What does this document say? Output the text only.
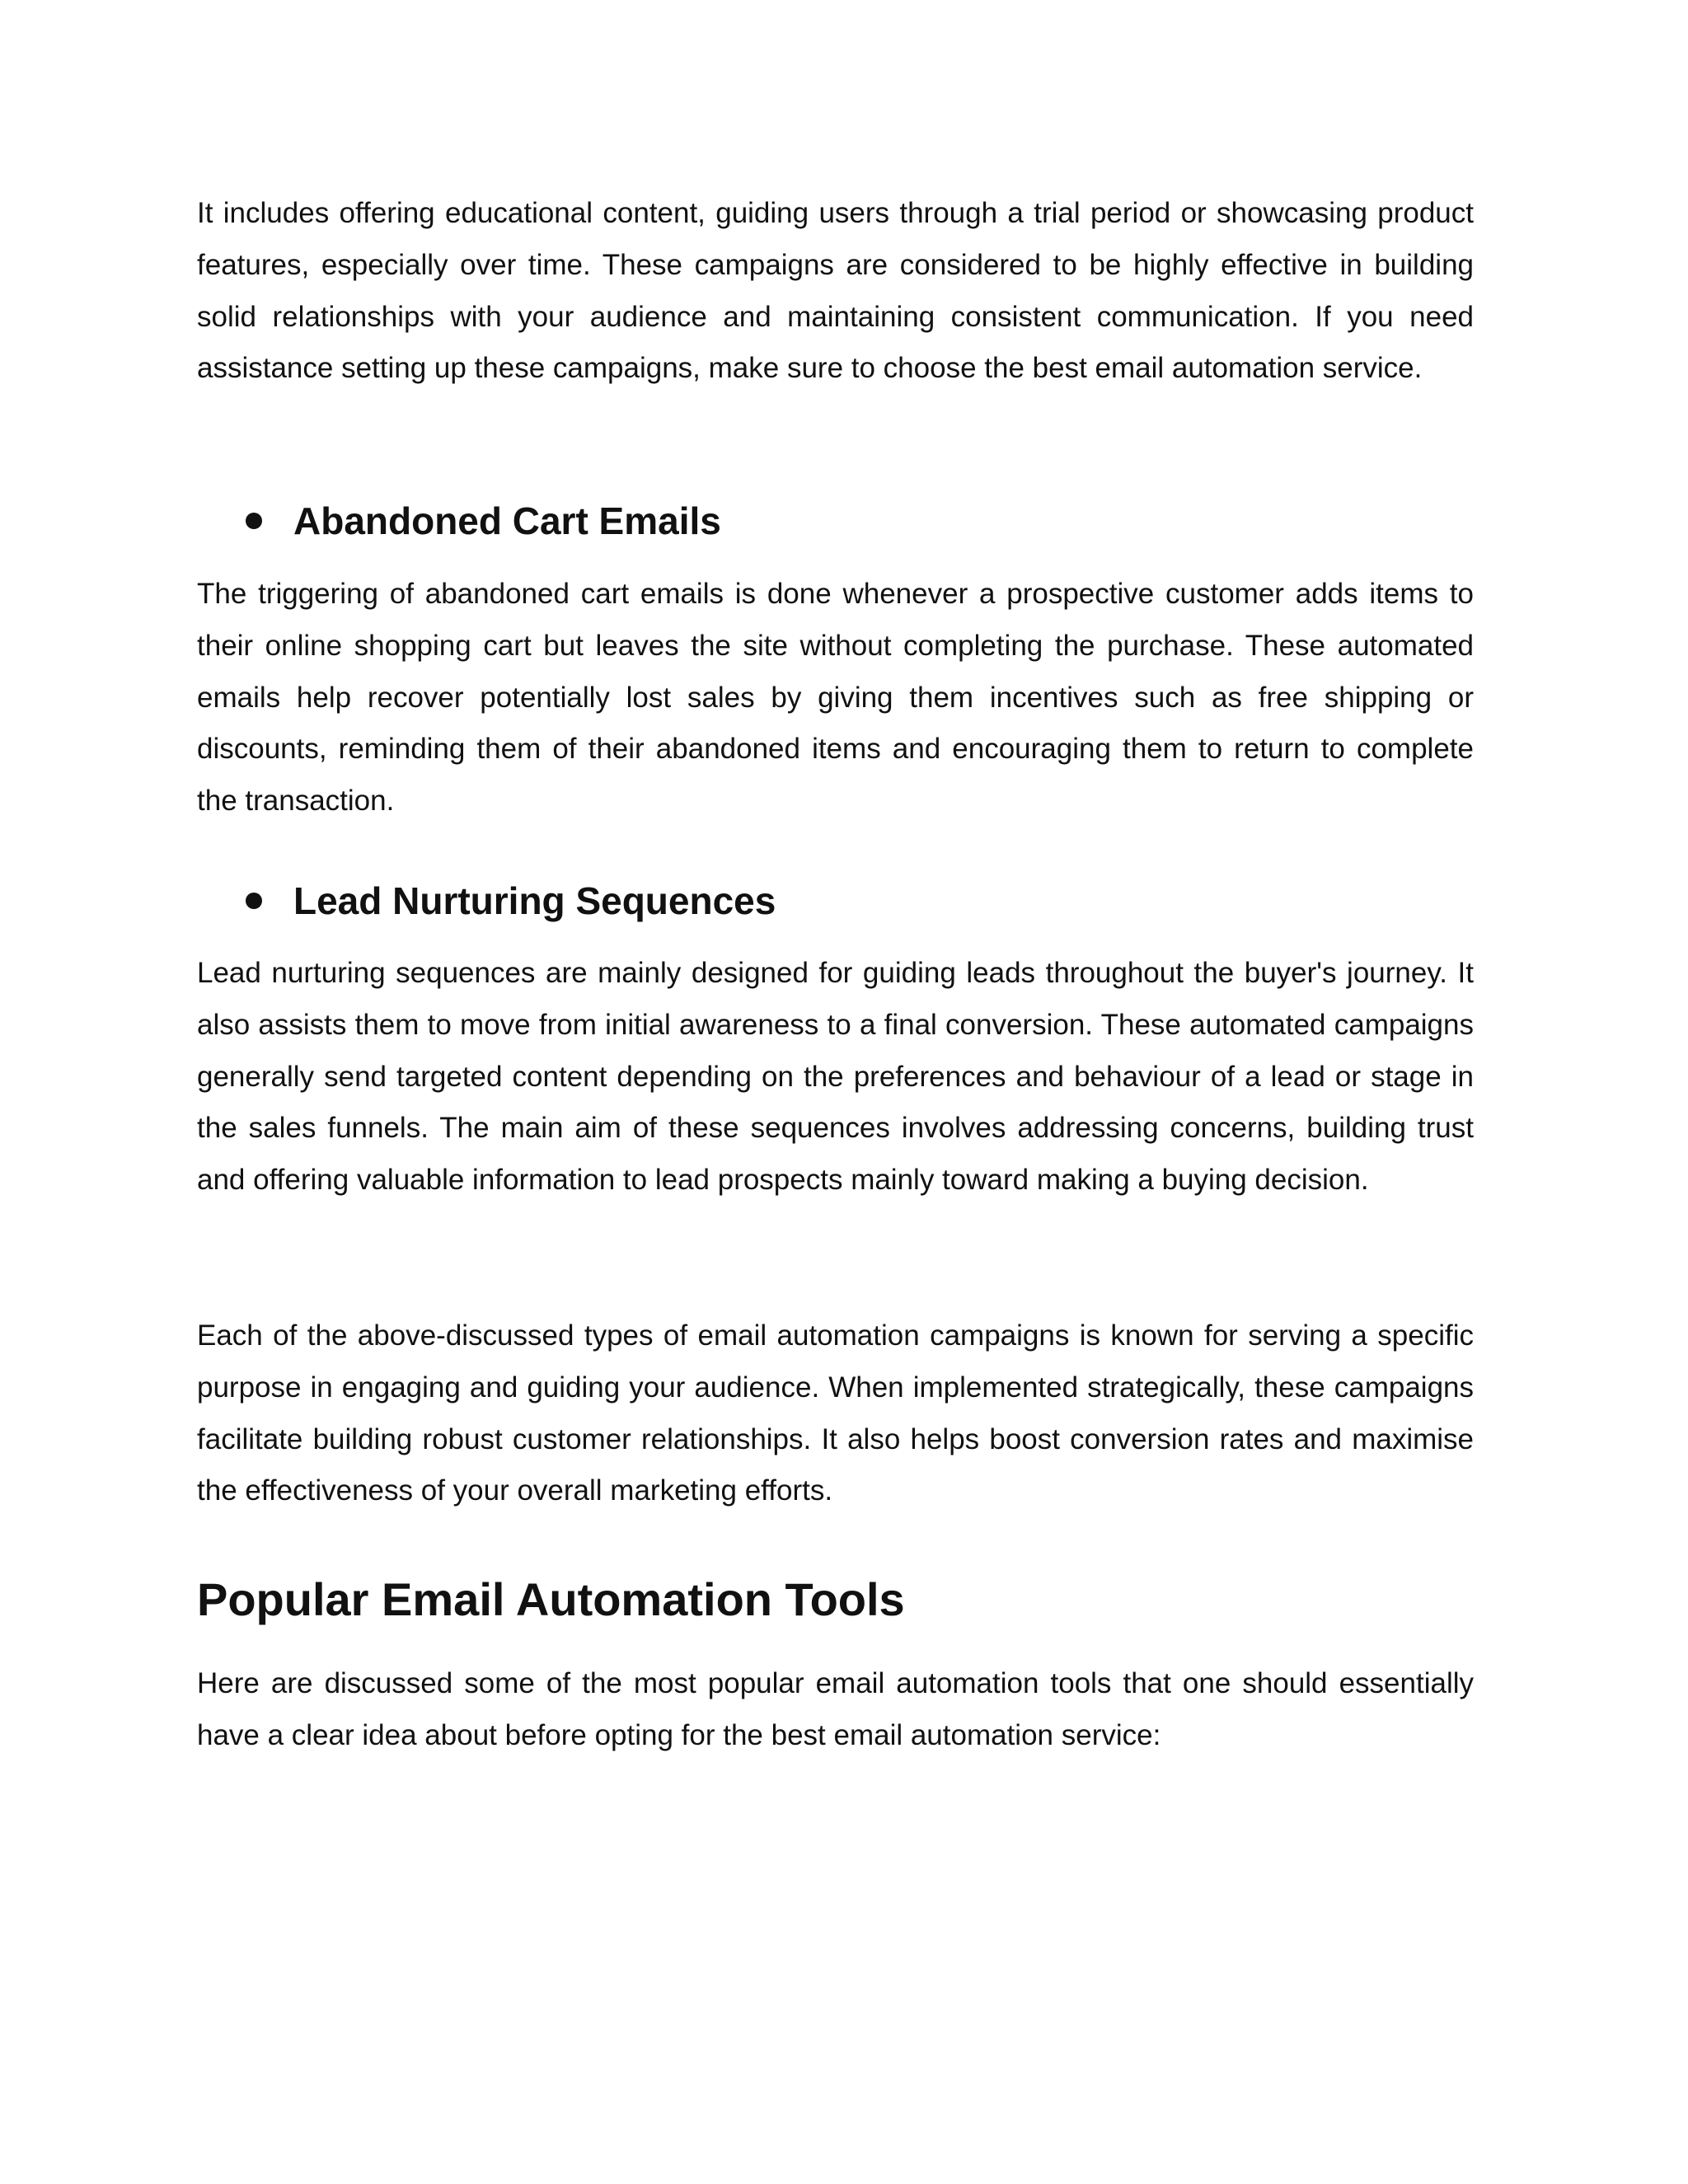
It includes offering educational content, guiding users through a trial period or showcasing product features, especially over time. These campaigns are considered to be highly effective in building solid relationships with your audience and maintaining consistent communication. If you need assistance setting up these campaigns, make sure to choose the best email automation service.

Abandoned Cart Emails

The triggering of abandoned cart emails is done whenever a prospective customer adds items to their online shopping cart but leaves the site without completing the purchase. These automated emails help recover potentially lost sales by giving them incentives such as free shipping or discounts, reminding them of their abandoned items and encouraging them to return to complete the transaction.

Lead Nurturing Sequences

Lead nurturing sequences are mainly designed for guiding leads throughout the buyer's journey. It also assists them to move from initial awareness to a final conversion. These automated campaigns generally send targeted content depending on the preferences and behaviour of a lead or stage in the sales funnels. The main aim of these sequences involves addressing concerns, building trust and offering valuable information to lead prospects mainly toward making a buying decision.

Each of the above-discussed types of email automation campaigns is known for serving a specific purpose in engaging and guiding your audience. When implemented strategically, these campaigns facilitate building robust customer relationships. It also helps boost conversion rates and maximise the effectiveness of your overall marketing efforts.

Popular Email Automation Tools

Here are discussed some of the most popular email automation tools that one should essentially have a clear idea about before opting for the best email automation service:
